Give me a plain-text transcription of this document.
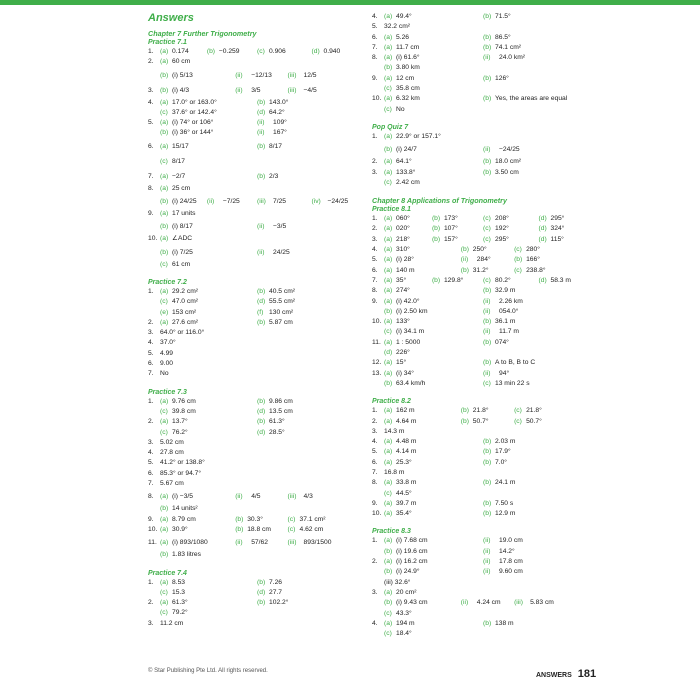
Answers
Chapter 7 Further Trigonometry
Practice 7.1
1. (a) 0.174	(b) −0.259	(c) 0.906	(d) 0.940
2. (a) 60 cm
(b) (i) 5/13	(ii) −12/13 (iii) 12/5
3. (b) (i) 4/3	(ii) 3/5	(iii) −4/5
4. (a) 17.0° or 163.0°	(b) 143.0°
(c) 37.6° or 142.4°	(d) 64.2°
5. (a) (i) 74° or 106°	(ii) 109°
(b) (i) 36° or 144°	(ii) 167°
6. (a) 15/17	(b) 8/17
(c) 8/17
7. (a) −2/7	(b) 2/3
8. (a) 25 cm
(b) (i) 24/25 (ii) −7/25	(iii) 7/25	(iv) −24/25
9. (a) 17 units
(b) (i) 8/17	(ii) −3/5
10. (a) ∠ADC
(b) (i) 7/25	(ii) 24/25
(c) 61 cm
Practice 7.2
1. (a) 29.2 cm²	(b) 40.5 cm²
(c) 47.0 cm²	(d) 55.5 cm²
(e) 153 cm²	(f) 130 cm²
2. (a) 27.6 cm²	(b) 5.87 cm
3. 64.0° or 116.0°
4. 37.0°
5. 4.99
6. 9.00
7. No
Practice 7.3
1. (a) 9.76 cm	(b) 9.86 cm
(c) 39.8 cm	(d) 13.5 cm
2. (a) 13.7°	(b) 61.3°
(c) 76.2°	(d) 28.5°
3. 5.02 cm
4. 27.8 cm
5. 41.2° or 138.8°
6. 85.3° or 94.7°
7. 5.67 cm
8. (a) (i) −3/5	(ii) 4/5	(iii) 4/3
(b) 14 units²
9. (a) 8.79 cm	(b) 30.3°	(c) 37.1 cm²
10. (a) 30.9°	(b) 18.8 cm (c) 4.62 cm
11. (a) (i) 893/1080	(ii) 57/62	(iii) 893/1500
(b) 1.83 litres
Practice 7.4
1. (a) 8.53	(b) 7.26
(c) 15.3	(d) 27.7
2. (a) 61.3°	(b) 102.2°
(c) 79.2°
3. 11.2 cm
4. (a) 49.4°	(b) 71.5°
5. 32.2 cm²
6. (a) 5.26	(b) 86.5°
7. (a) 11.7 cm	(b) 74.1 cm²
8. (a) (i) 61.6°	(ii) 24.0 km²
(b) 3.80 km
9. (a) 12 cm	(b) 126°
(c) 35.8 cm
10. (a) 6.32 km	(b) Yes, the areas are equal
(c) No
Pop Quiz 7
1. (a) 22.9° or 157.1°
(b) (i) 24/7	(ii) −24/25
2. (a) 64.1°	(b) 18.0 cm²
3. (a) 133.8°	(b) 3.50 cm
(c) 2.42 cm
Chapter 8 Applications of Trigonometry
Practice 8.1
1. (a) 060°	(b) 173°	(c) 208°	(d) 295°
2. (a) 020°	(b) 107°	(c) 192°	(d) 324°
3. (a) 218°	(b) 157°	(c) 295°	(d) 115°
4. (a) 310°	(b) 250°	(c) 280°
5. (a) (i) 28°	(ii) 284°	(b) 166°
6. (a) 140 m	(b) 31.2°	(c) 238.8°
7. (a) 35°	(b) 129.8°	(c) 80.2°	(d) 58.3 m
8. (a) 274°	(b) 32.9 m
9. (a) (i) 42.0°	(ii) 2.26 km
(b) (i) 2.50 km	(ii) 054.0°
10. (a) 133°	(b) 36.1 m
(c) (i) 34.1 m	(ii) 11.7 m
11. (a) 1 : 5000	(b) 074°
(d) 226°
12. (a) 15°	(b) A to B, B to C
13. (a) (i) 34°	(ii) 94°
(b) 63.4 km/h	(c) 13 min 22 s
Practice 8.2
1. (a) 162 m	(b) 21.8°	(c) 21.8°
2. (a) 4.64 m	(b) 50.7°	(c) 50.7°
3. 14.3 m
4. (a) 4.48 m	(b) 2.03 m
5. (a) 4.14 m	(b) 17.9°
6. (a) 25.3°	(b) 7.0°
7. 16.8 m
8. (a) 33.8 m	(b) 24.1 m
(c) 44.5°
9. (a) 39.7 m	(b) 7.50 s
10. (a) 35.4°	(b) 12.9 m
Practice 8.3
1. (a) (i) 7.68 cm	(ii) 19.0 cm
(b) (i) 19.6 cm	(ii) 14.2°
2. (a) (i) 16.2 cm	(ii) 17.8 cm
(b) (i) 24.9°	(ii) 9.60 cm
(iii) 32.6°
3. (a) 20 cm²
(b) (i) 9.43 cm	(ii) 4.24 cm (iii) 5.83 cm
(c) 43.3°
4. (a) 194 m	(b) 138 m
(c) 18.4°
© Star Publishing Pte Ltd. All rights reserved.
ANSWERS 181
